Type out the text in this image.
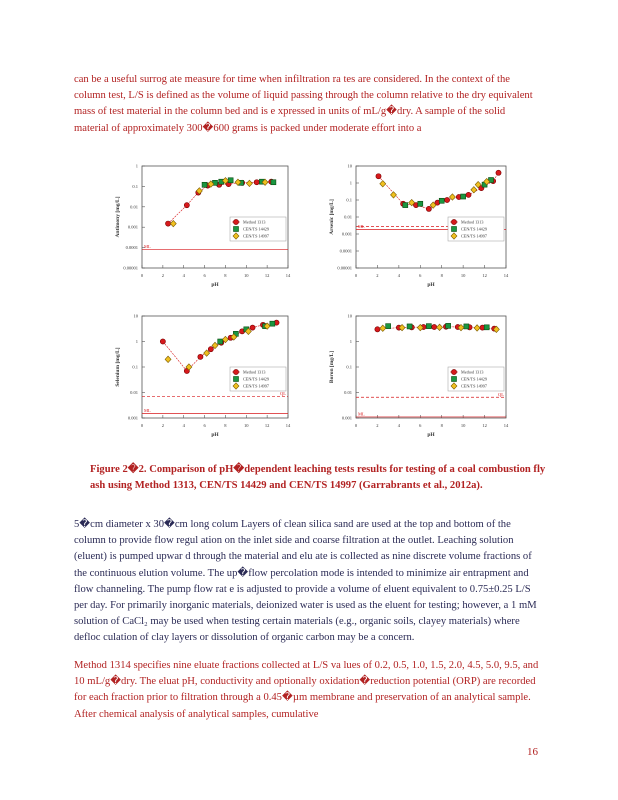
can be a useful surrog ate measure for time when infiltration ra tes are considered. In the context of the column test, L/S is defined as the volume of liquid passing through the column relative to the dry equivalent mass of test material in the column bed and is e xpressed in units of mL/g�dry. A sample of the solid material of approximately 300�600 grams is packed under moderate effort into a

0	2	4	6	8	10	12	14
0.00001
0.0001
0.001
0.01
0.1
1
pH
Antimony [mg/L]
ML
Method 1313
CEN/TS 14429
CEN/TS 14997
0	2	4	6	8	10	12	14
0.00001
0.0001
0.001
0.01
0.1
1
10
pH
Arsenic [mg/L]	ML
Method 1313
CEN/TS 14429
CEN/TS 14997
0	2	4	6	8	10	12	14
0.001
0.01
0.1
1
10
pH
Selenium [mg/L]
ML
QL
Method 1313
CEN/TS 14429
CEN/TS 14997
0	2	4	6	8	10	12	14
0.001
0.01
0.1
1
10
pH
Boron [mg/L]
ML
QL
Method 1313
CEN/TS 14429
CEN/TS 14997
Figure 2�2. Comparison of pH�dependent leaching tests results for testing of a coal combustion fly
ash using Method 1313, CEN/TS 14429 and CEN/TS 14997 (Garrabrants et al., 2012a).

5�cm diameter x 30�cm long colum Layers of clean silica sand are used at the top and bottom of the column to provide flow regul ation on the inlet side and coarse filtration at the outlet. Leaching solution (eluent) is pumped upwar d through the material and elu ate is collected as nine discrete volume fractions of the continuous elution volume. The up�flow percolation mode is intended to minimize air entrapment and flow channeling. The pump flow rat e is adjusted to provide a volume of eluent equivalent to 0.75±0.25 L/S per day. For primarily inorganic materials, deionized water is used as the eluent for testing; however, a 1 mM solution of CaCl₂ may be used when testing certain materials (e.g., organic soils, clayey materials) where defloc culation of clay layers or dissolution of organic carbon may be a concern.

Method 1314 specifies nine eluate fractions collected at L/S va lues of 0.2, 0.5, 1.0, 1.5, 2.0, 4.5, 5.0, 9.5, and 10 mL/g�dry. The eluat pH, conductivity and optionally oxidation�reduction potential (ORP) are recorded for each fraction prior to filtration through a 0.45�µm membrane and preservation of an analytical sample. After chemical analysis of analytical samples, cumulative

16
